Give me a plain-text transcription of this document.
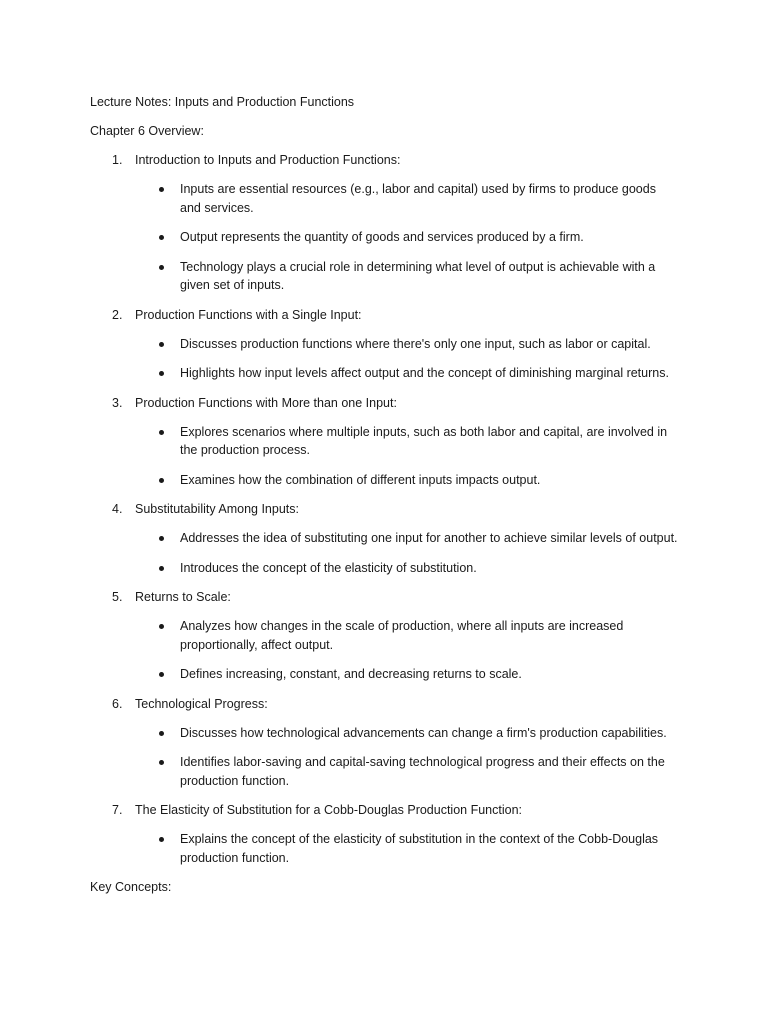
Lecture Notes: Inputs and Production Functions

Chapter 6 Overview:

1. Introduction to Inputs and Production Functions:
Inputs are essential resources (e.g., labor and capital) used by firms to produce goods and services.
Output represents the quantity of goods and services produced by a firm.
Technology plays a crucial role in determining what level of output is achievable with a given set of inputs.
2. Production Functions with a Single Input:
Discusses production functions where there's only one input, such as labor or capital.
Highlights how input levels affect output and the concept of diminishing marginal returns.
3. Production Functions with More than one Input:
Explores scenarios where multiple inputs, such as both labor and capital, are involved in the production process.
Examines how the combination of different inputs impacts output.
4. Substitutability Among Inputs:
Addresses the idea of substituting one input for another to achieve similar levels of output.
Introduces the concept of the elasticity of substitution.
5. Returns to Scale:
Analyzes how changes in the scale of production, where all inputs are increased proportionally, affect output.
Defines increasing, constant, and decreasing returns to scale.
6. Technological Progress:
Discusses how technological advancements can change a firm's production capabilities.
Identifies labor-saving and capital-saving technological progress and their effects on the production function.
7. The Elasticity of Substitution for a Cobb-Douglas Production Function:
Explains the concept of the elasticity of substitution in the context of the Cobb-Douglas production function.

Key Concepts:
